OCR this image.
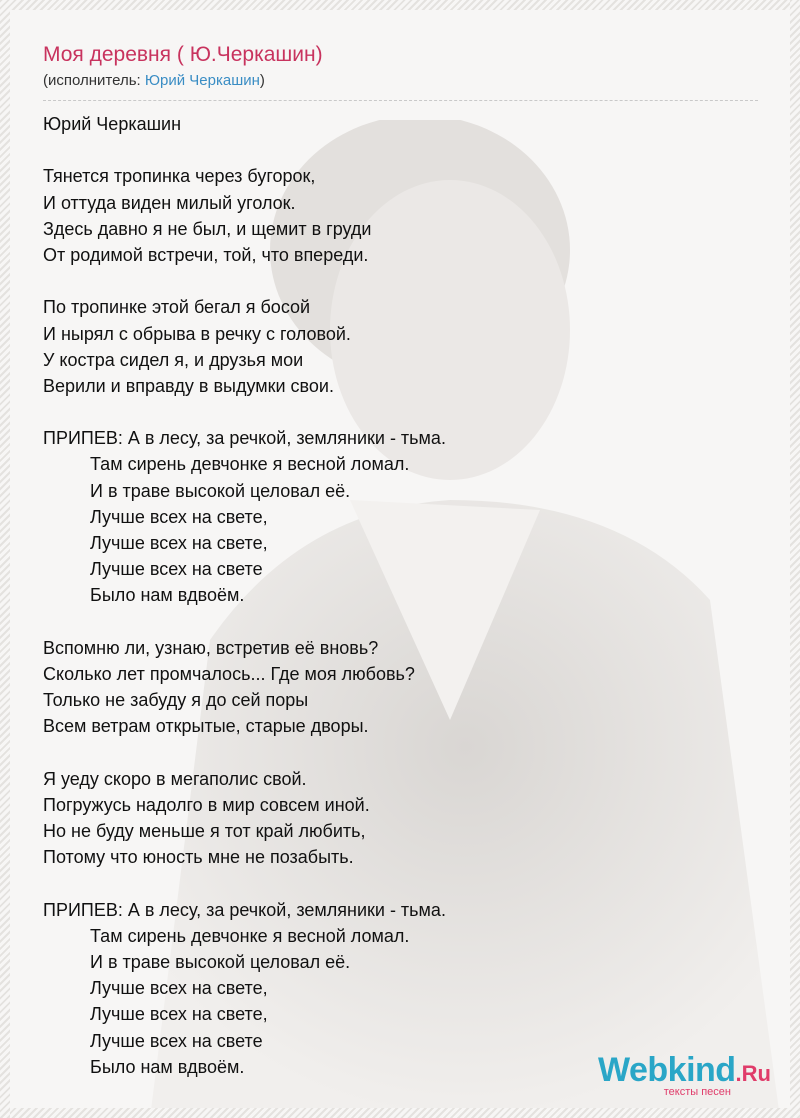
Моя деревня ( Ю.Черкашин)

(исполнитель: Юрий Черкашин)

Юрий Черкашин
Тянется тропинка через бугорок,
И оттуда виден милый уголок.
Здесь давно я не был, и щемит в груди
От родимой встречи, той, что впереди.
По тропинке этой бегал я босой
И нырял с обрыва в речку с головой.
У костра сидел я, и друзья мои
Верили и вправду в выдумки свои.
ПРИПЕВ: А в лесу, за речкой, земляники - тьма.
Там сирень девчонке я весной ломал.
И в траве высокой целовал её.
Лучше всех на свете,
Лучше всех на свете,
Лучше всех на свете
Было нам вдвоём.
Вспомню ли, узнаю, встретив её вновь?
Сколько лет промчалось... Где моя любовь?
Только не забуду я до сей поры
Всем ветрам открытые, старые дворы.
Я уеду скоро в мегаполис свой.
Погружусь надолго в мир совсем иной.
Но не буду меньше я тот край любить,
Потому что юность мне не позабыть.
ПРИПЕВ: А в лесу, за речкой, земляники - тьма.
Там сирень девчонке я весной ломал.
И в траве высокой целовал её.
Лучше всех на свете,
Лучше всех на свете,
Лучше всех на свете
Было нам вдвоём.	Webkind.Ru
тексты песен
